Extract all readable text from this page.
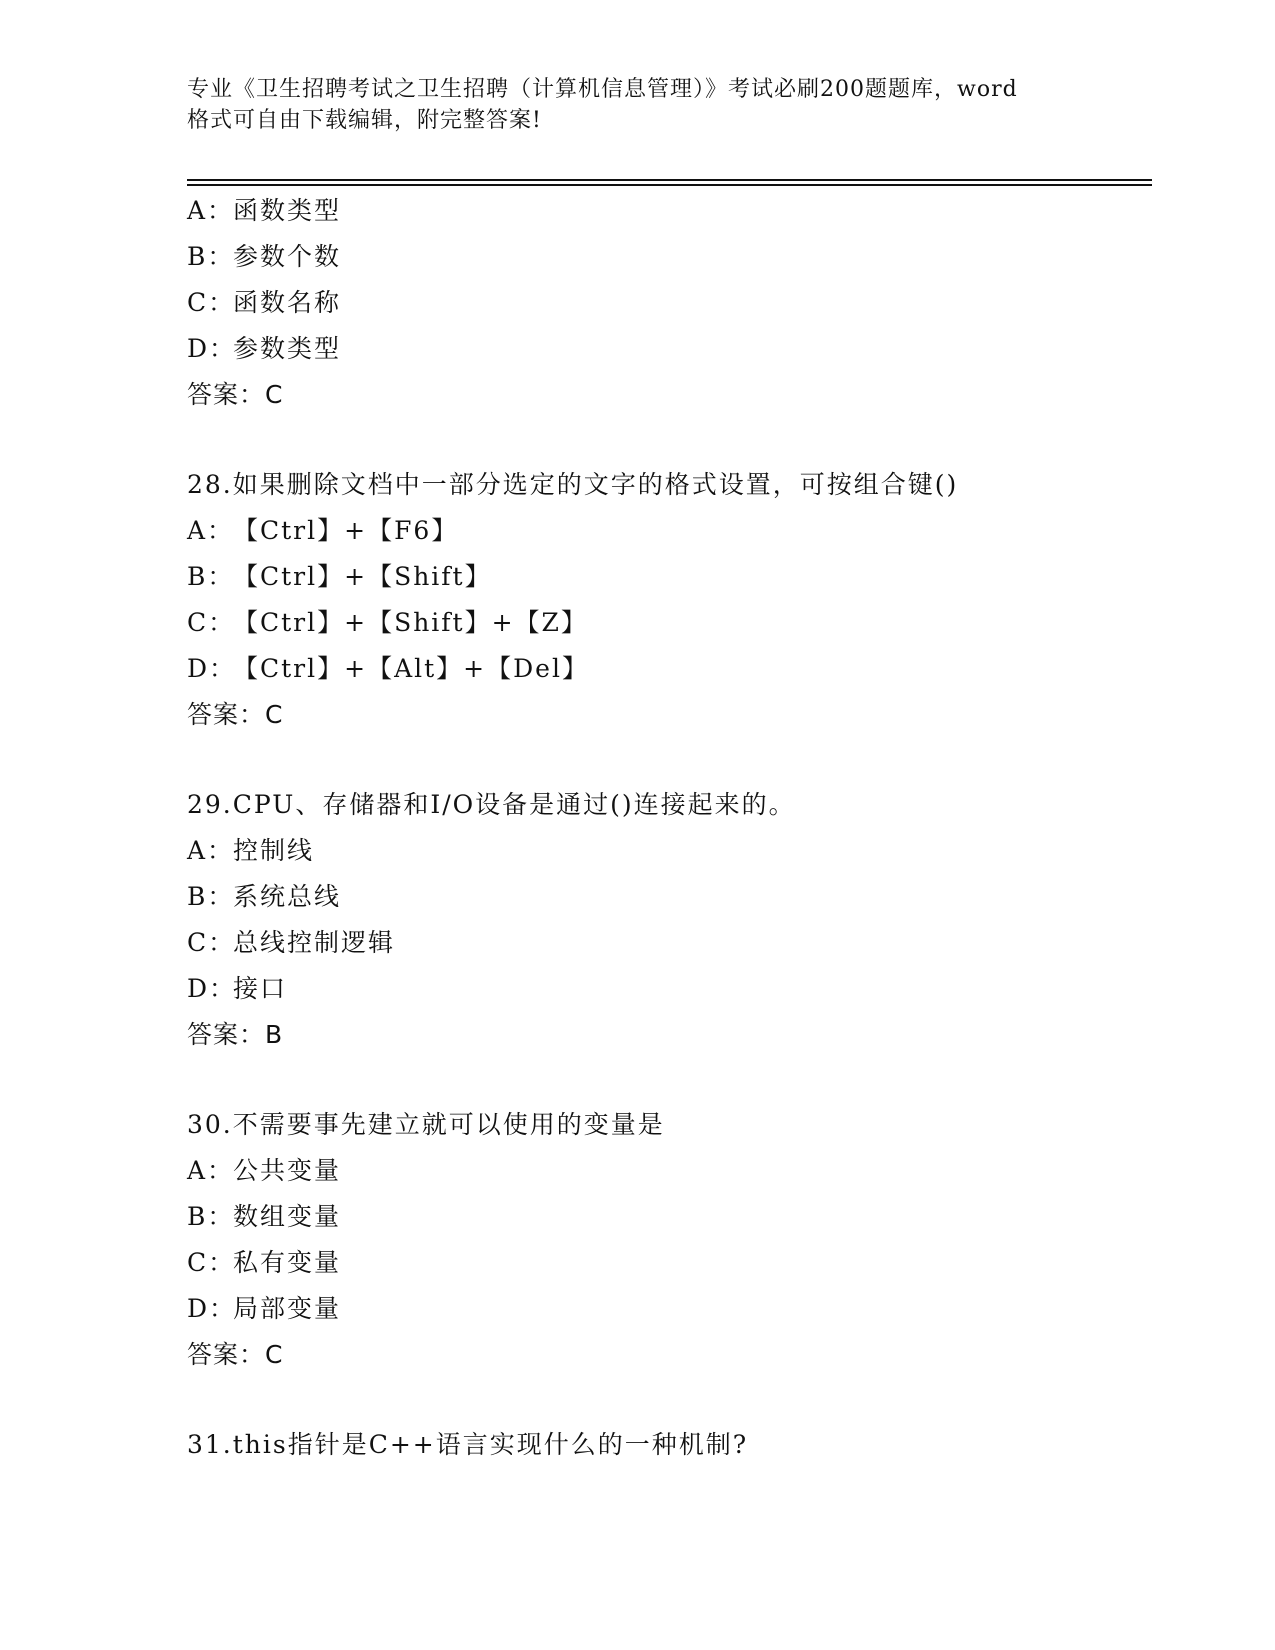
专业《卫生招聘考试之卫生招聘（计算机信息管理）》考试必刷200题题库，word
格式可自由下载编辑，附完整答案!
A：函数类型
B：参数个数
C：函数名称
D：参数类型
答案：C
28.如果删除文档中一部分选定的文字的格式设置，可按组合键()
A：【Ctrl】+【F6】
B：【Ctrl】+【Shift】
C：【Ctrl】+【Shift】+【Z】
D：【Ctrl】+【Alt】+【Del】
答案：C
29.CPU、存储器和I/O设备是通过()连接起来的。
A：控制线
B：系统总线
C：总线控制逻辑
D：接口
答案：B
30.不需要事先建立就可以使用的变量是
A：公共变量
B：数组变量
C：私有变量
D：局部变量
答案：C
31.this指针是C++语言实现什么的一种机制?
